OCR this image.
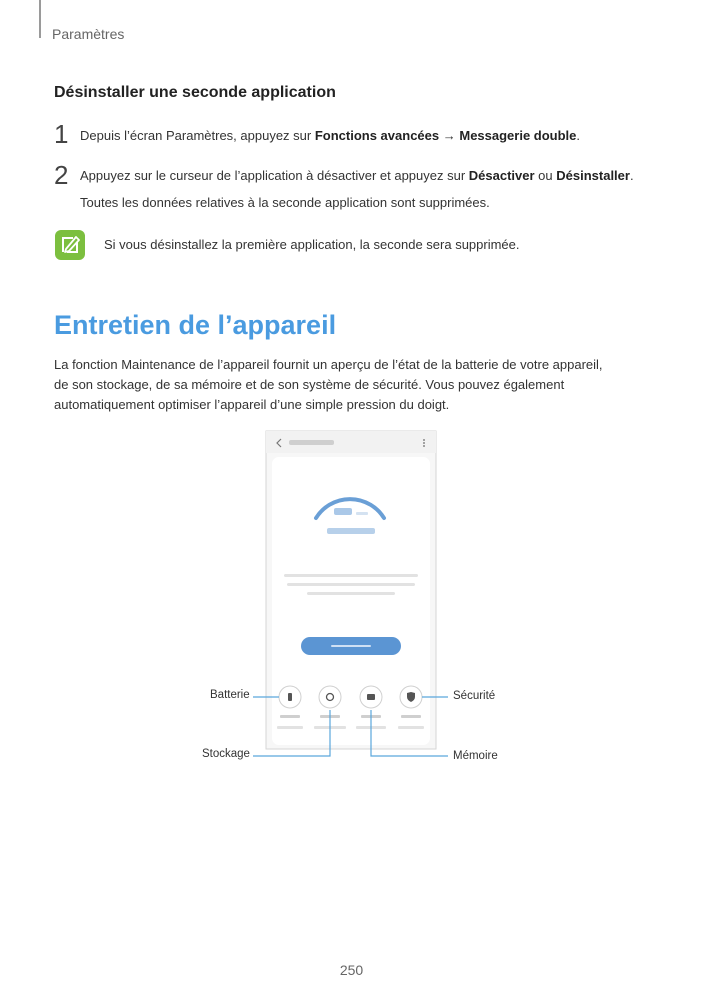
Paramètres
Désinstaller une seconde application
1 Depuis l’écran Paramètres, appuyez sur Fonctions avancées → Messagerie double.
2 Appuyez sur le curseur de l’application à désactiver et appuyez sur Désactiver ou Désinstaller.
Toutes les données relatives à la seconde application sont supprimées.
Si vous désinstallez la première application, la seconde sera supprimée.
Entretien de l’appareil
La fonction Maintenance de l’appareil fournit un aperçu de l’état de la batterie de votre appareil,
de son stockage, de sa mémoire et de son système de sécurité. Vous pouvez également
automatiquement optimiser l’appareil d’une simple pression du doigt.
Batterie	Sécurité
Stockage	Mémoire
250
